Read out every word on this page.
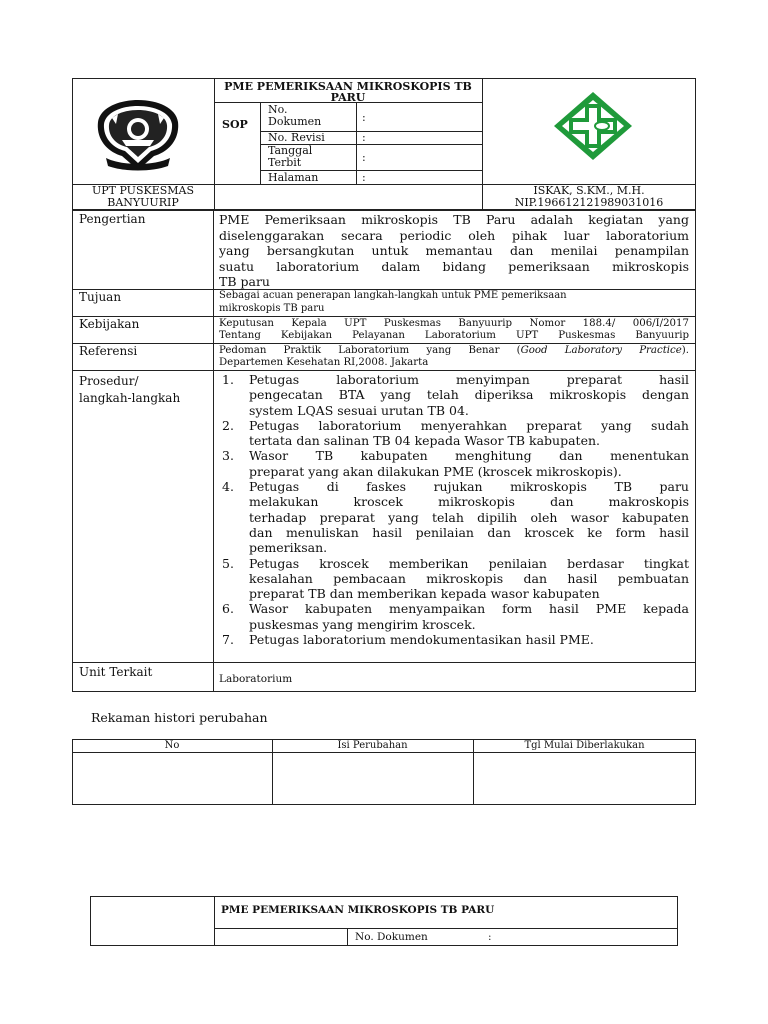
PME PEMERIKSAAN MIKROSKOPIS TB
PARU
SOP
No.
Dokumen	:
No. Revisi	:
Tanggal
Terbit	:
Halaman	:
UPT PUSKESMAS
BANYUURIP
ISKAK, S.KM., M.H.
NIP.196612121989031016
Pengertian	PME Pemeriksaan mikroskopis TB Paru adalah kegiatan yang
diselenggarakan secara periodic oleh pihak luar laboratorium
yang bersangkutan untuk memantau dan menilai penampilan
suatu laboratorium dalam bidang pemeriksaan mikroskopis
TB paru
Tujuan	Sebagai acuan penerapan langkah-langkah untuk PME pemeriksaan
mikroskopis TB paru
Kebijakan	Keputusan Kepala UPT Puskesmas Banyuurip Nomor 188.4/ 006/I/2017
Tentang Kebijakan Pelayanan Laboratorium UPT Puskesmas Banyuurip
Referensi	Pedoman Praktik Laboratorium yang Benar (Good Laboratory Practice).
Departemen Kesehatan RI,2008. Jakarta
Prosedur/
langkah-langkah
1. Petugas laboratorium menyimpan preparat hasil
pengecatan BTA yang telah diperiksa mikroskopis dengan
system LQAS sesuai urutan TB 04.
2. Petugas laboratorium menyerahkan preparat yang sudah
tertata dan salinan TB 04 kepada Wasor TB kabupaten.
3. Wasor TB kabupaten menghitung dan menentukan
preparat yang akan dilakukan PME (kroscek mikroskopis).
4. Petugas di faskes rujukan mikroskopis TB paru
melakukan kroscek mikroskopis dan makroskopis
terhadap preparat yang telah dipilih oleh wasor kabupaten
dan menuliskan hasil penilaian dan kroscek ke form hasil
pemeriksan.
5. Petugas kroscek memberikan penilaian berdasar tingkat
kesalahan pembacaan mikroskopis dan hasil pembuatan
preparat TB dan memberikan kepada wasor kabupaten
6. Wasor kabupaten menyampaikan form hasil PME kepada
puskesmas yang mengirim kroscek.
7. Petugas laboratorium mendokumentasikan hasil PME.
Unit Terkait	Laboratorium
Rekaman histori perubahan
No	Isi Perubahan	Tgl Mulai Diberlakukan
PME PEMERIKSAAN MIKROSKOPIS TB PARU
No. Dokumen	:
